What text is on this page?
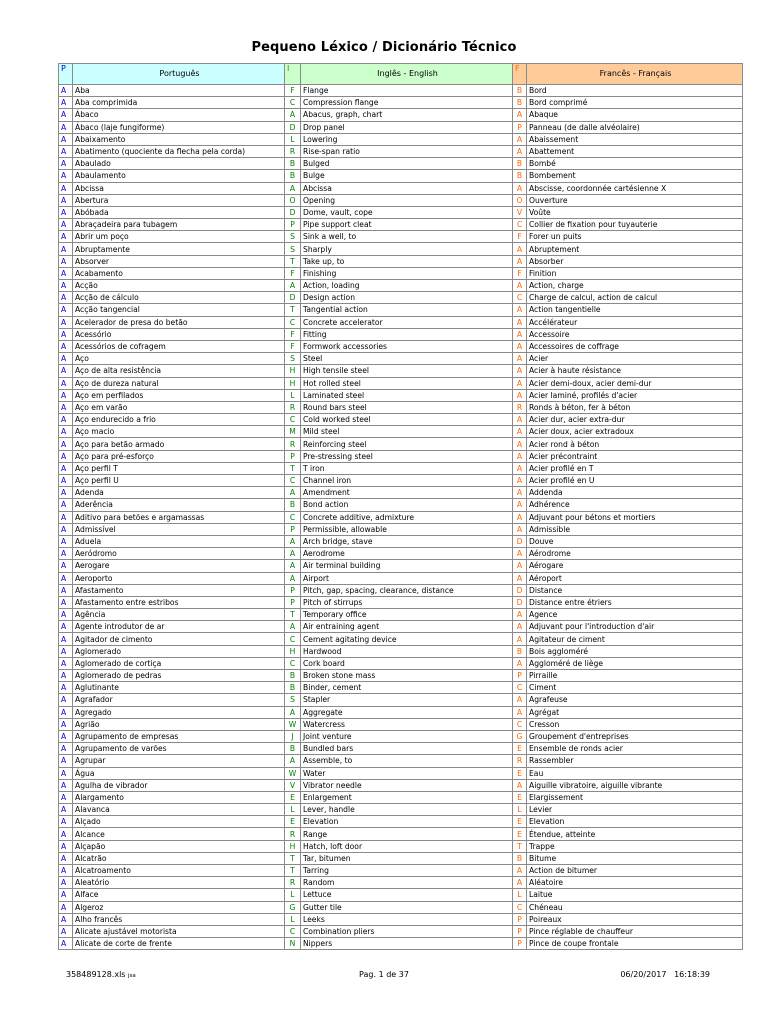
Pequeno Léxico / Dicionário Técnico
P	Português	I	Inglês - English	F	Francês - Français
A	Aba	F	Flange	B	Bord
A	Aba comprimida	C	Compression flange	B	Bord comprimé
A	Ábaco	A	Abacus, graph, chart	A	Abaque
A	Ábaco (laje fungiforme)	D	Drop panel	P	Panneau (de dalle alvéolaire)
A	Abaixamento	L	Lowering	A	Abaissement
A	Abatimento (quociente da flecha pela corda)	R	Rise-span ratio	A	Abattement
A	Abaulado	B	Bulged	B	Bombé
A	Abaulamento	B	Bulge	B	Bombement
A	Abcissa	A	Abcissa	A	Abscisse, coordonnée cartésienne X
A	Abertura	O	Opening	O	Ouverture
A	Abóbada	D	Dome, vault, cope	V	Voûte
A	Abraçadeira para tubagem	P	Pipe support cleat	C	Collier de fixation pour tuyauterie
A	Abrir um poço	S	Sink a well, to	F	Forer un puits
A	Abruptamente	S	Sharply	A	Abruptement
A	Absorver	T	Take up, to	A	Absorber
A	Acabamento	F	Finishing	F	Finition
A	Acção	A	Action, loading	A	Action, charge
A	Acção de cálculo	D	Design action	C	Charge de calcul, action de calcul
A	Acção tangencial	T	Tangential action	A	Action tangentielle
A	Acelerador de presa do betão	C	Concrete accelerator	A	Accélérateur
A	Acessório	F	Fitting	A	Accessoire
A	Acessórios de cofragem	F	Formwork accessories	A	Accessoires de coffrage
A	Aço	S	Steel	A	Acier
A	Aço de alta resistência	H	High tensile steel	A	Acier à haute résistance
A	Aço de dureza natural	H	Hot rolled steel	A	Acier demi-doux, acier demi-dur
A	Aço em perfilados	L	Laminated steel	A	Acier laminé, profilés d'acier
A	Aço em varão	R	Round bars steel	R	Ronds à béton, fer à béton
A	Aço endurecido a frio	C	Cold worked steel	A	Acier dur, acier extra-dur
A	Aço macio	M	Mild steel	A	Acier doux, acier extradoux
A	Aço para betão armado	R	Reinforcing steel	A	Acier rond à béton
A	Aço para pré-esforço	P	Pre-stressing steel	A	Acier précontraint
A	Aço perfil T	T	T iron	A	Acier profilé en T
A	Aço perfil U	C	Channel iron	A	Acier profilé en U
A	Adenda	A	Amendment	A	Addenda
A	Aderência	B	Bond action	A	Adhérence
A	Aditivo para betões e argamassas	C	Concrete additive, admixture	A	Adjuvant pour bétons et mortiers
A	Admissível	P	Permissible, allowable	A	Admissible
A	Aduela	A	Arch bridge, stave	D	Douve
A	Aeródromo	A	Aerodrome	A	Aérodrome
A	Aerogare	A	Air terminal building	A	Aérogare
A	Aeroporto	A	Airport	A	Aéroport
A	Afastamento	P	Pitch, gap, spacing, clearance, distance	D	Distance
A	Afastamento entre estribos	P	Pitch of stirrups	D	Distance entre étriers
A	Agência	T	Temporary office	A	Agence
A	Agente introdutor de ar	A	Air entraining agent	A	Adjuvant pour l'introduction d'air
A	Agitador de cimento	C	Cement agitating device	A	Agitateur de ciment
A	Aglomerado	H	Hardwood	B	Bois aggloméré
A	Aglomerado de cortiça	C	Cork board	A	Aggloméré de liège
A	Aglomerado de pedras	B	Broken stone mass	P	Pirraille
A	Aglutinante	B	Binder, cement	C	Ciment
A	Agrafador	S	Stapler	A	Agrafeuse
A	Agregado	A	Aggregate	A	Agrégat
A	Agrião	W	Watercress	C	Cresson
A	Agrupamento de empresas	J	Joint venture	G	Groupement d'entreprises
A	Agrupamento de varões	B	Bundled bars	E	Ensemble de ronds acier
A	Agrupar	A	Assemble, to	R	Rassembler
A	Água	W	Water	E	Eau
A	Agulha de vibrador	V	Vibrator needle	A	Aiguille vibratoire, aiguille vibrante
A	Alargamento	E	Enlargement	E	Elargissement
A	Alavanca	L	Lever, handle	L	Levier
A	Alçado	E	Elevation	E	Elevation
A	Alcance	R	Range	E	Étendue, atteinte
A	Alçapão	H	Hatch, loft door	T	Trappe
A	Alcatrão	T	Tar, bitumen	B	Bitume
A	Alcatroamento	T	Tarring	A	Action de bitumer
A	Aleatório	R	Random	A	Aléatoire
A	Alface	L	Lettuce	L	Laitue
A	Algeroz	G	Gutter tile	C	Chéneau
A	Alho francês	L	Leeks	P	Poireaux
A	Alicate ajustável motorista	C	Combination pliers	P	Pince réglable de chauffeur
A	Alicate de corte de frente	N	Nippers	P	Pince de coupe frontale
358489128.xls jsa	Pag. 1 de 37	06/20/2017   16:18:39
